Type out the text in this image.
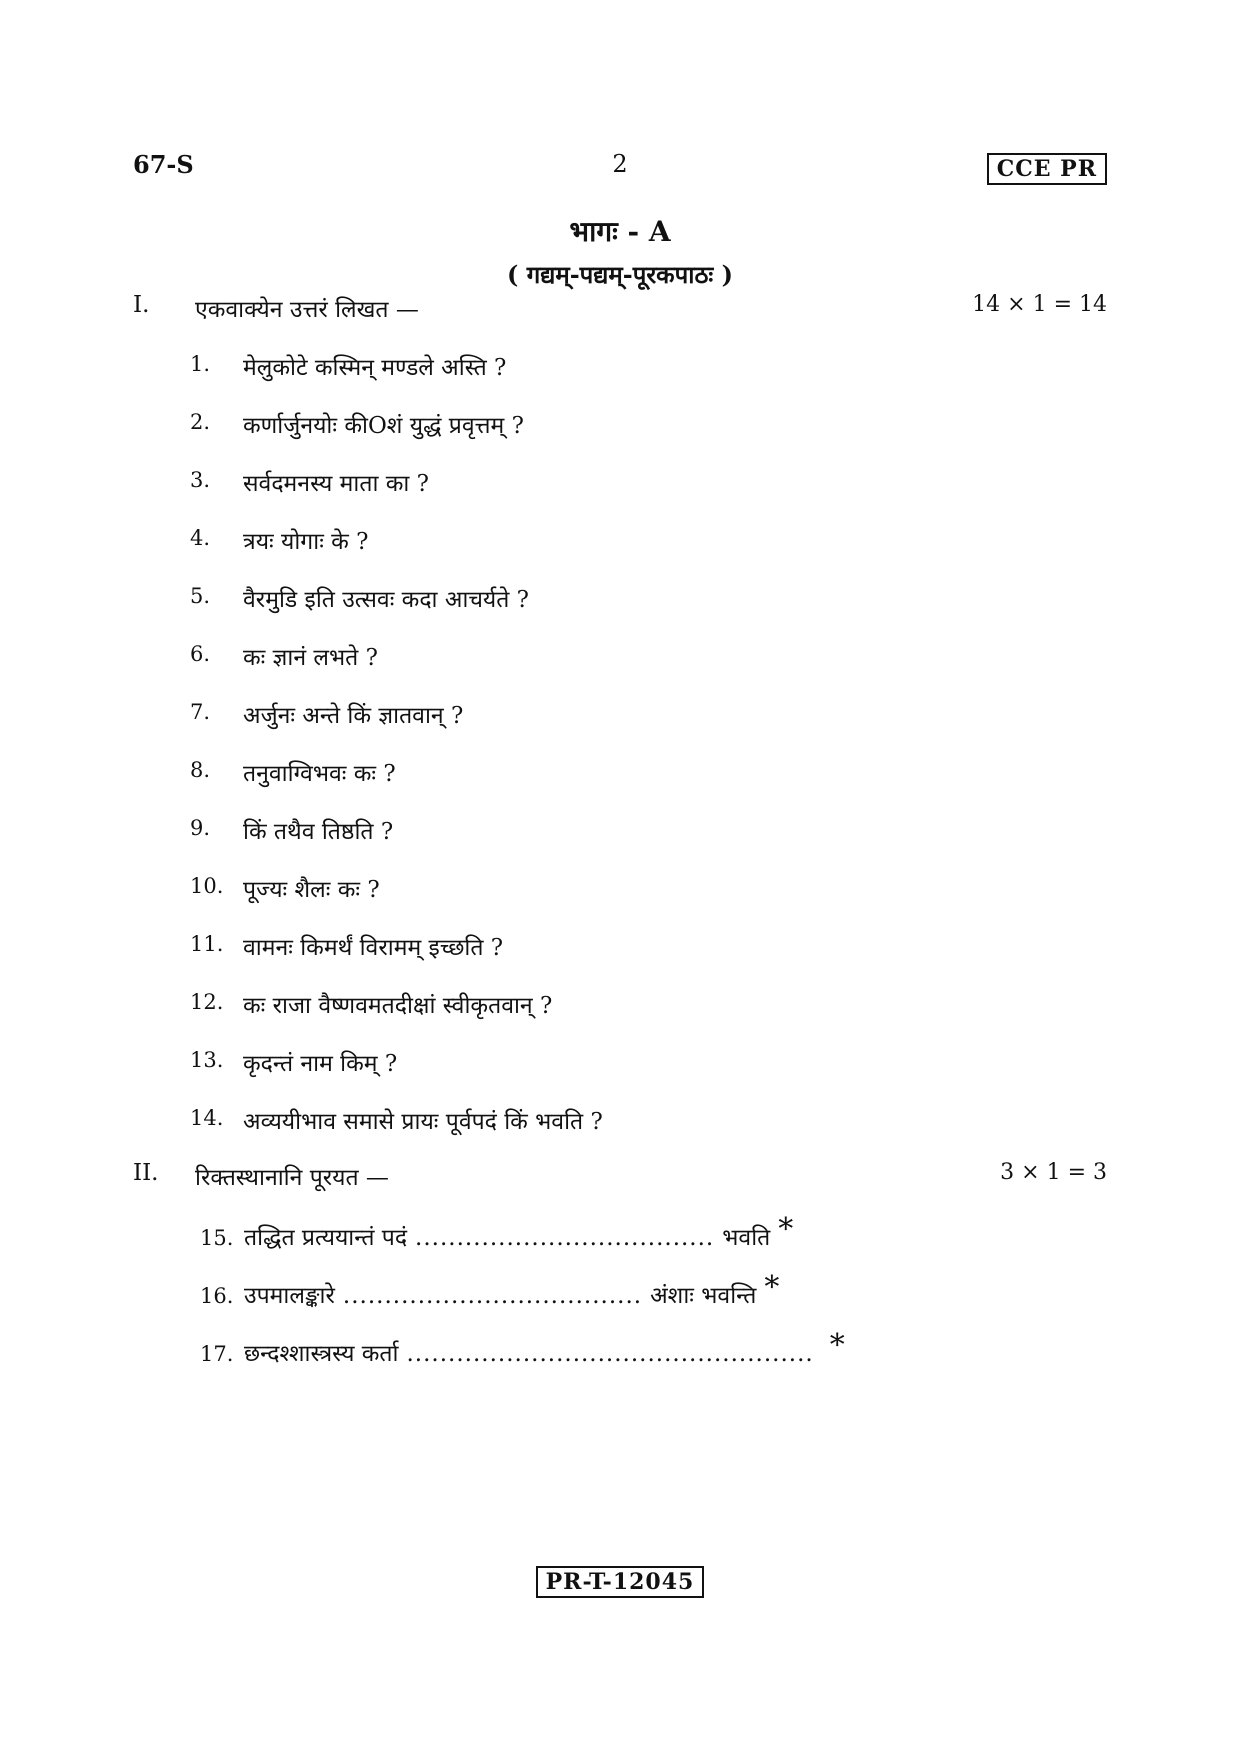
67-S	2	CCE PR
भागः - A
( गद्यम्-पद्यम्-पूरकपाठः )
I.	एकवाक्येन उत्तरं लिखत —	14 × 1 = 14
1.	मेलुकोटे कस्मिन् मण्डले अस्ति ?
2.	कर्णार्जुनयोः कीOशं युद्धं प्रवृत्तम् ?
3.	सर्वदमनस्य माता का ?
4.	त्रयः योगाः के ?
5.	वैरमुडि इति उत्सवः कदा आचर्यते ?
6.	कः ज्ञानं लभते ?
7.	अर्जुनः अन्ते किं ज्ञातवान् ?
8.	तनुवाग्विभवः कः ?
9.	किं तथैव तिष्ठति ?
10. पूज्यः शैलः कः ?
11. वामनः किमर्थं विरामम् इच्छति ?
12. कः राजा वैष्णवमतदीक्षां स्वीकृतवान् ?
13. कृदन्तं नाम किम् ?
14. अव्ययीभाव समासे प्रायः पूर्वपदं किं भवति ?
II.	रिक्तस्थानानि पूरयत —	3 × 1 = 3
15. तद्धित प्रत्ययान्तं पदं .................................... भवति *
16. उपमालङ्कारे .................................... अंशाः भवन्ति *
17. छन्दश्शास्त्रस्य कर्ता ................................................. *
PR-T-12045
